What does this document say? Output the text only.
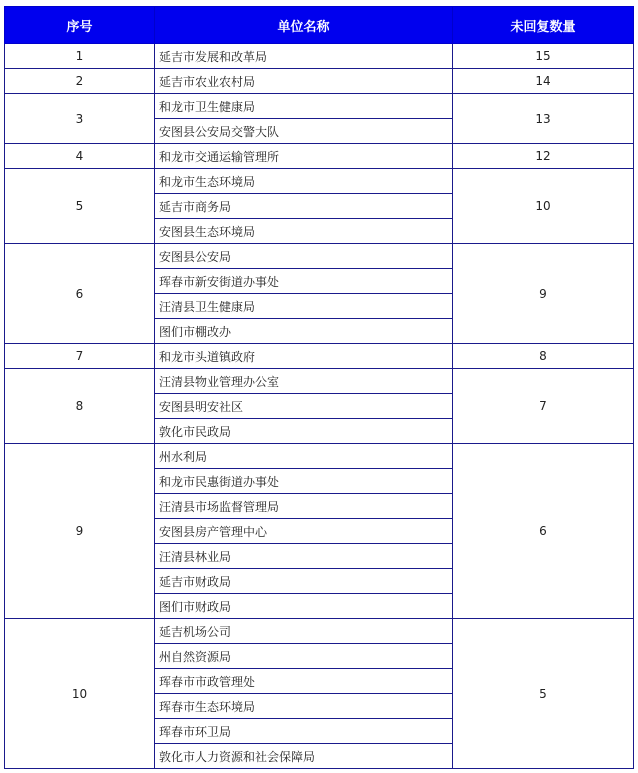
序号	单位名称	未回复数量
1	延吉市发展和改革局	15
2	延吉市农业农村局	14
3	和龙市卫生健康局	13
	安图县公安局交警大队	
4	和龙市交通运输管理所	12
5	和龙市生态环境局	10
	延吉市商务局	
	安图县生态环境局	
6	安图县公安局	9
	珲春市新安街道办事处	
	汪清县卫生健康局	
	图们市棚改办	
7	和龙市头道镇政府	8
8	汪清县物业管理办公室	7
	安图县明安社区	
	敦化市民政局	
9	州水利局	6
	和龙市民惠街道办事处	
	汪清县市场监督管理局	
	安图县房产管理中心	
	汪清县林业局	
	延吉市财政局	
	图们市财政局	
10	延吉机场公司	5
	州自然资源局	
	珲春市市政管理处	
	珲春市生态环境局	
	珲春市环卫局	
	敦化市人力资源和社会保障局	
